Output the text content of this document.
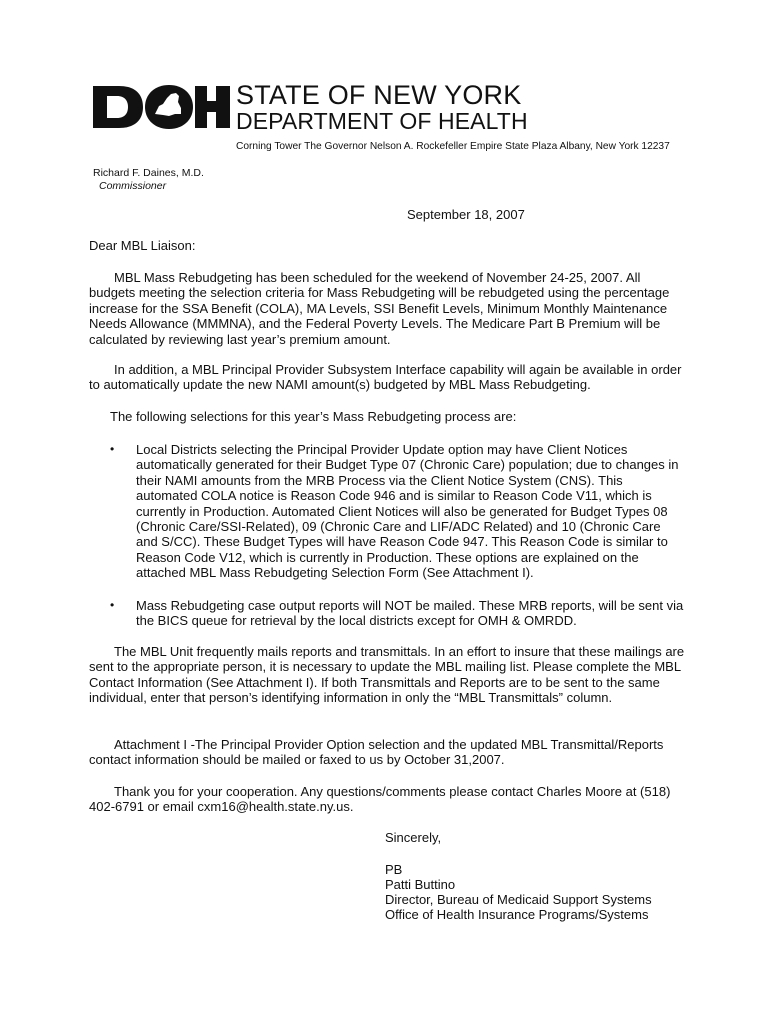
STATE OF NEW YORK
DEPARTMENT OF HEALTH
Corning Tower The Governor Nelson A. Rockefeller Empire State Plaza Albany, New York 12237
Richard F. Daines, M.D.
Commissioner
September 18, 2007
Dear MBL Liaison:
MBL Mass Rebudgeting has been scheduled for the weekend of November 24-25, 2007. All budgets meeting the selection criteria for Mass Rebudgeting will be rebudgeted using the percentage increase for the SSA Benefit (COLA), MA Levels, SSI Benefit Levels, Minimum Monthly Maintenance Needs Allowance (MMMNA), and the Federal Poverty Levels. The Medicare Part B Premium will be calculated by reviewing last year’s premium amount.
In addition, a MBL Principal Provider Subsystem Interface capability will again be available in order to automatically update the new NAMI amount(s) budgeted by MBL Mass Rebudgeting.
The following selections for this year’s Mass Rebudgeting process are:
•	Local Districts selecting the Principal Provider Update option may have Client Notices automatically generated for their Budget Type 07 (Chronic Care) population; due to changes in their NAMI amounts from the MRB Process via the Client Notice System (CNS). This automated COLA notice is Reason Code 946 and is similar to Reason Code V11, which is currently in Production. Automated Client Notices will also be generated for Budget Types 08 (Chronic Care/SSI-Related), 09 (Chronic Care and LIF/ADC Related) and 10 (Chronic Care and S/CC). These Budget Types will have Reason Code 947. This Reason Code is similar to Reason Code V12, which is currently in Production. These options are explained on the attached MBL Mass Rebudgeting Selection Form (See Attachment I).
•	Mass Rebudgeting case output reports will NOT be mailed. These MRB reports, will be sent via the BICS queue for retrieval by the local districts except for OMH & OMRDD.
The MBL Unit frequently mails reports and transmittals. In an effort to insure that these mailings are sent to the appropriate person, it is necessary to update the MBL mailing list. Please complete the MBL Contact Information (See Attachment I). If both Transmittals and Reports are to be sent to the same individual, enter that person’s identifying information in only the “MBL Transmittals” column.
Attachment I -The Principal Provider Option selection and the updated MBL Transmittal/Reports contact information should be mailed or faxed to us by October 31,2007.
Thank you for your cooperation. Any questions/comments please contact Charles Moore at (518) 402-6791 or email cxm16@health.state.ny.us.
Sincerely,
PB
Patti Buttino
Director, Bureau of Medicaid Support Systems
Office of Health Insurance Programs/Systems
